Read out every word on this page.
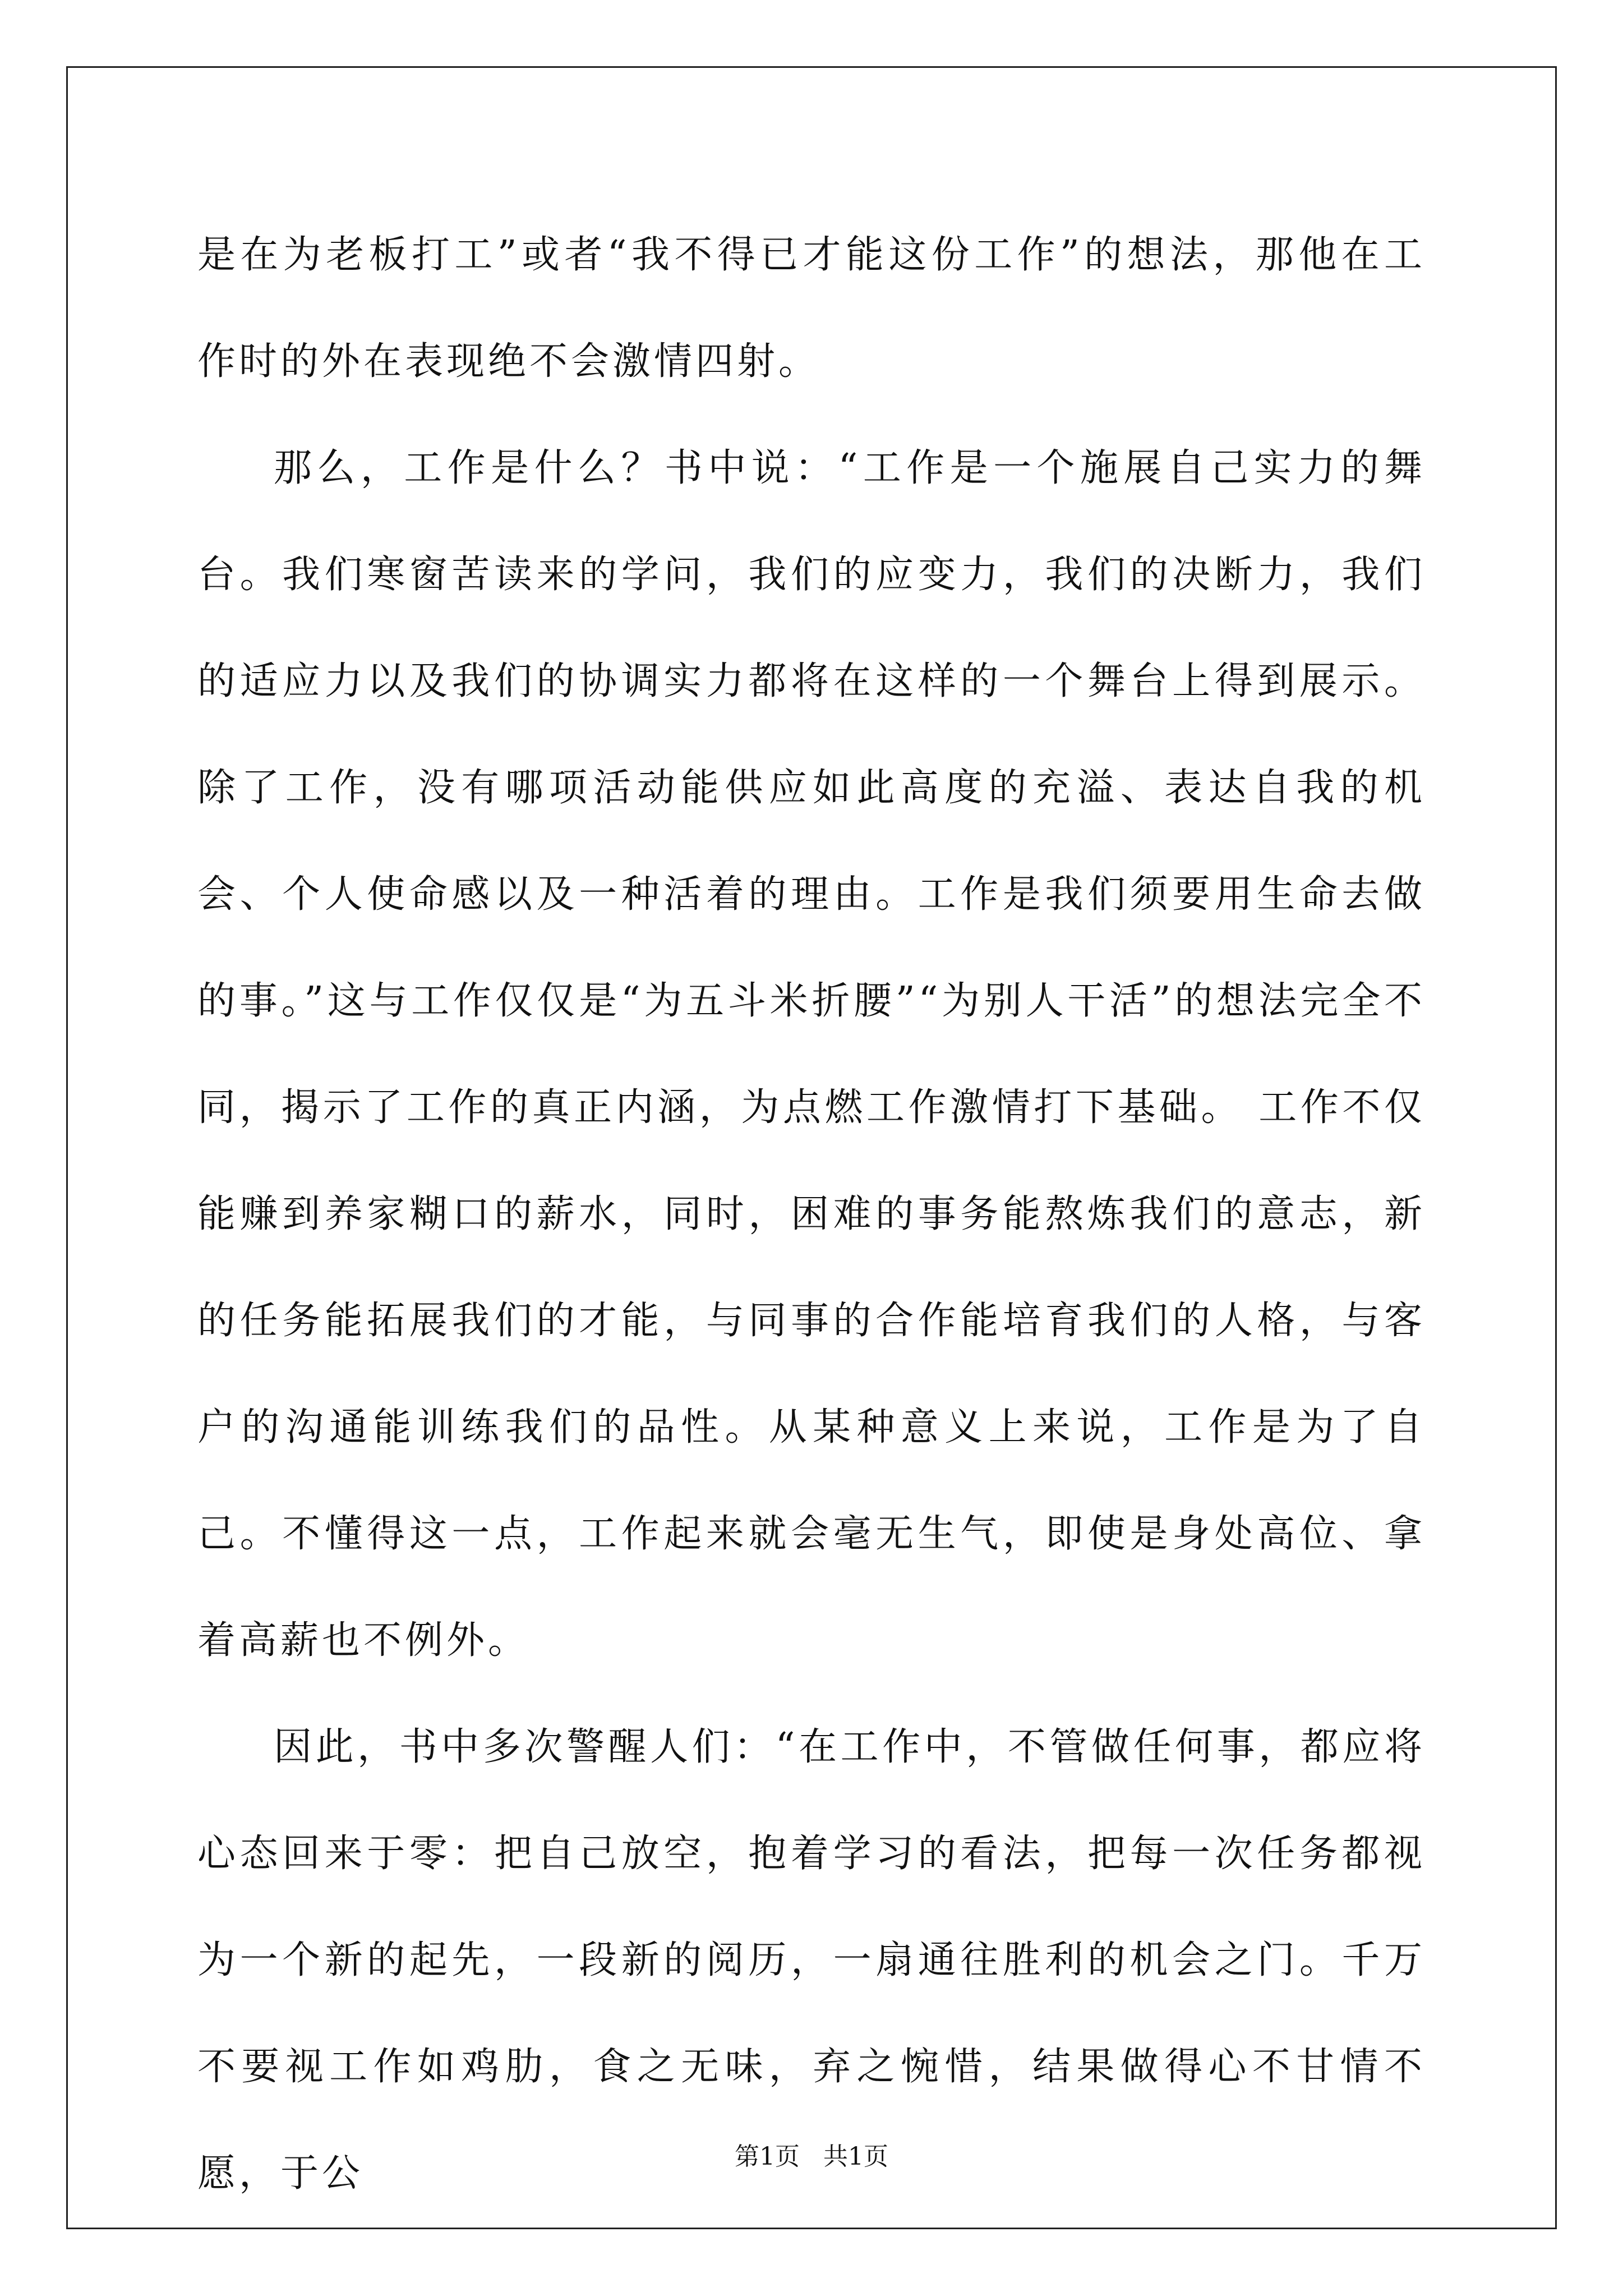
是在为老板打工”或者“我不得已才能这份工作”的想法，那他在工作时的外在表现绝不会激情四射。

那么，工作是什么？书中说：“工作是一个施展自己实力的舞台。我们寒窗苦读来的学问，我们的应变力，我们的决断力，我们的适应力以及我们的协调实力都将在这样的一个舞台上得到展示。除了工作，没有哪项活动能供应如此高度的充溢、表达自我的机会、个人使命感以及一种活着的理由。工作是我们须要用生命去做的事。”这与工作仅仅是“为五斗米折腰”“为别人干活”的想法完全不同，揭示了工作的真正内涵，为点燃工作激情打下基础。 工作不仅能赚到养家糊口的薪水，同时，困难的事务能熬炼我们的意志，新的任务能拓展我们的才能，与同事的合作能培育我们的人格，与客户的沟通能训练我们的品性。从某种意义上来说，工作是为了自己。不懂得这一点，工作起来就会毫无生气，即使是身处高位、拿着高薪也不例外。

因此，书中多次警醒人们：“在工作中，不管做任何事，都应将心态回来于零：把自己放空，抱着学习的看法，把每一次任务都视为一个新的起先，一段新的阅历，一扇通往胜利的机会之门。千万不要视工作如鸡肋，食之无味，弃之惋惜，结果做得心不甘情不愿，于公	第1页 共1页
